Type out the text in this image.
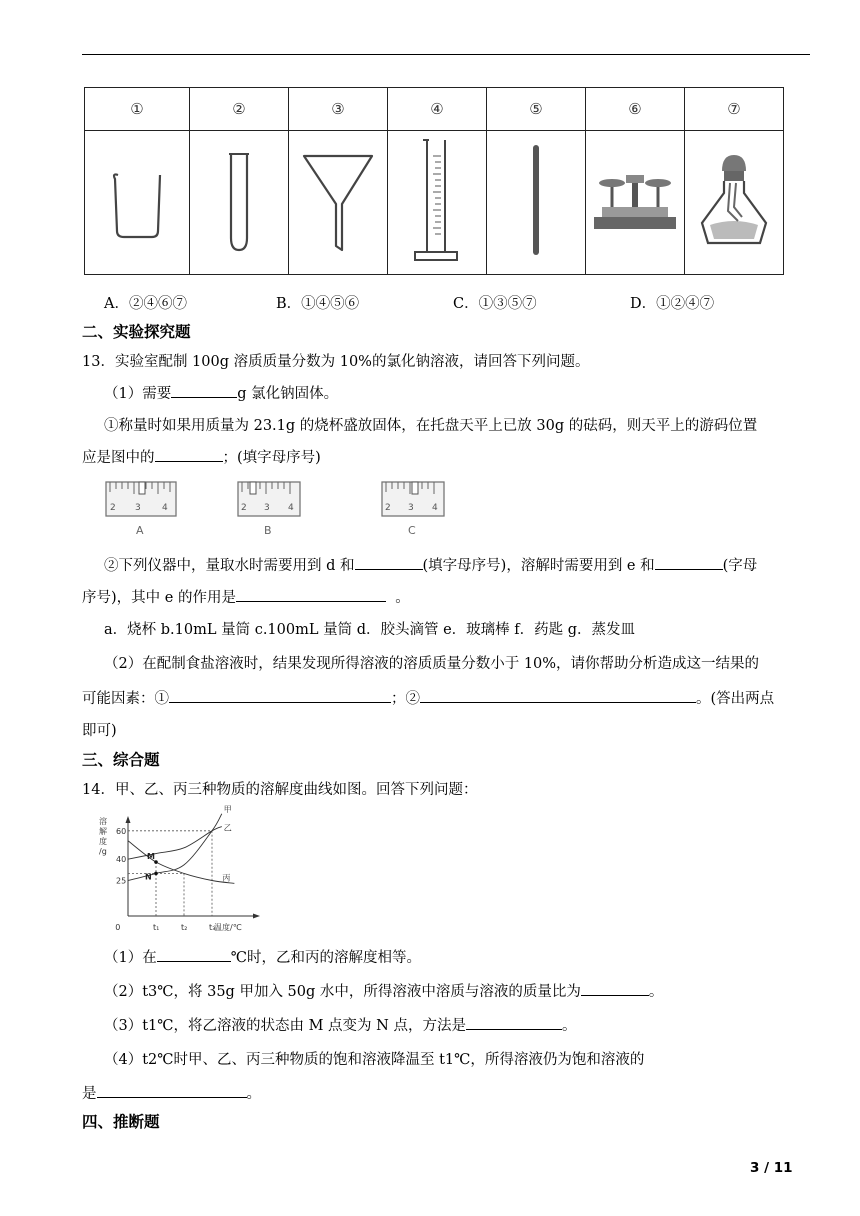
①	②	③	④	⑤	⑥	⑦

A．②④⑥⑦	B．①④⑤⑥	C．①③⑤⑦	D．①②④⑦
二、实验探究题
13．实验室配制 100g 溶质质量分数为 10%的氯化钠溶液，请回答下列问题。
（1）需要	g 氯化钠固体。
①称量时如果用质量为 23.1g 的烧杯盛放固体，在托盘天平上已放 30g 的砝码，则天平上的游码位置
应是图中的	；(填字母序号)
2 3 4
A
2 3 4
B
2 3 4
C
②下列仪器中，量取水时需要用到 d 和	(填字母序号)，溶解时需要用到 e 和	(字母
序号)，其中 e 的作用是	。
a．烧杯 b.10mL 量筒 c.100mL 量筒 d．胶头滴管 e．玻璃棒 f．药匙 g．蒸发皿
（2）在配制食盐溶液时，结果发现所得溶液的溶质质量分数小于 10%，请你帮助分析造成这一结果的
可能因素：①	；②	。(答出两点
即可)
三、综合题
14．甲、乙、丙三种物质的溶解度曲线如图。回答下列问题：
溶
解
度
/g
60
40
25
0	t₁	t₂	t₃
甲
乙
丙
M
N
温度/℃
（1）在	℃时，乙和丙的溶解度相等。
（2）t3℃，将 35g 甲加入 50g 水中，所得溶液中溶质与溶液的质量比为	。
（3）t1℃，将乙溶液的状态由 M 点变为 N 点，方法是	。
（4）t2℃时甲、乙、丙三种物质的饱和溶液降温至 t1℃，所得溶液仍为饱和溶液的
是	。
四、推断题
3 / 11
